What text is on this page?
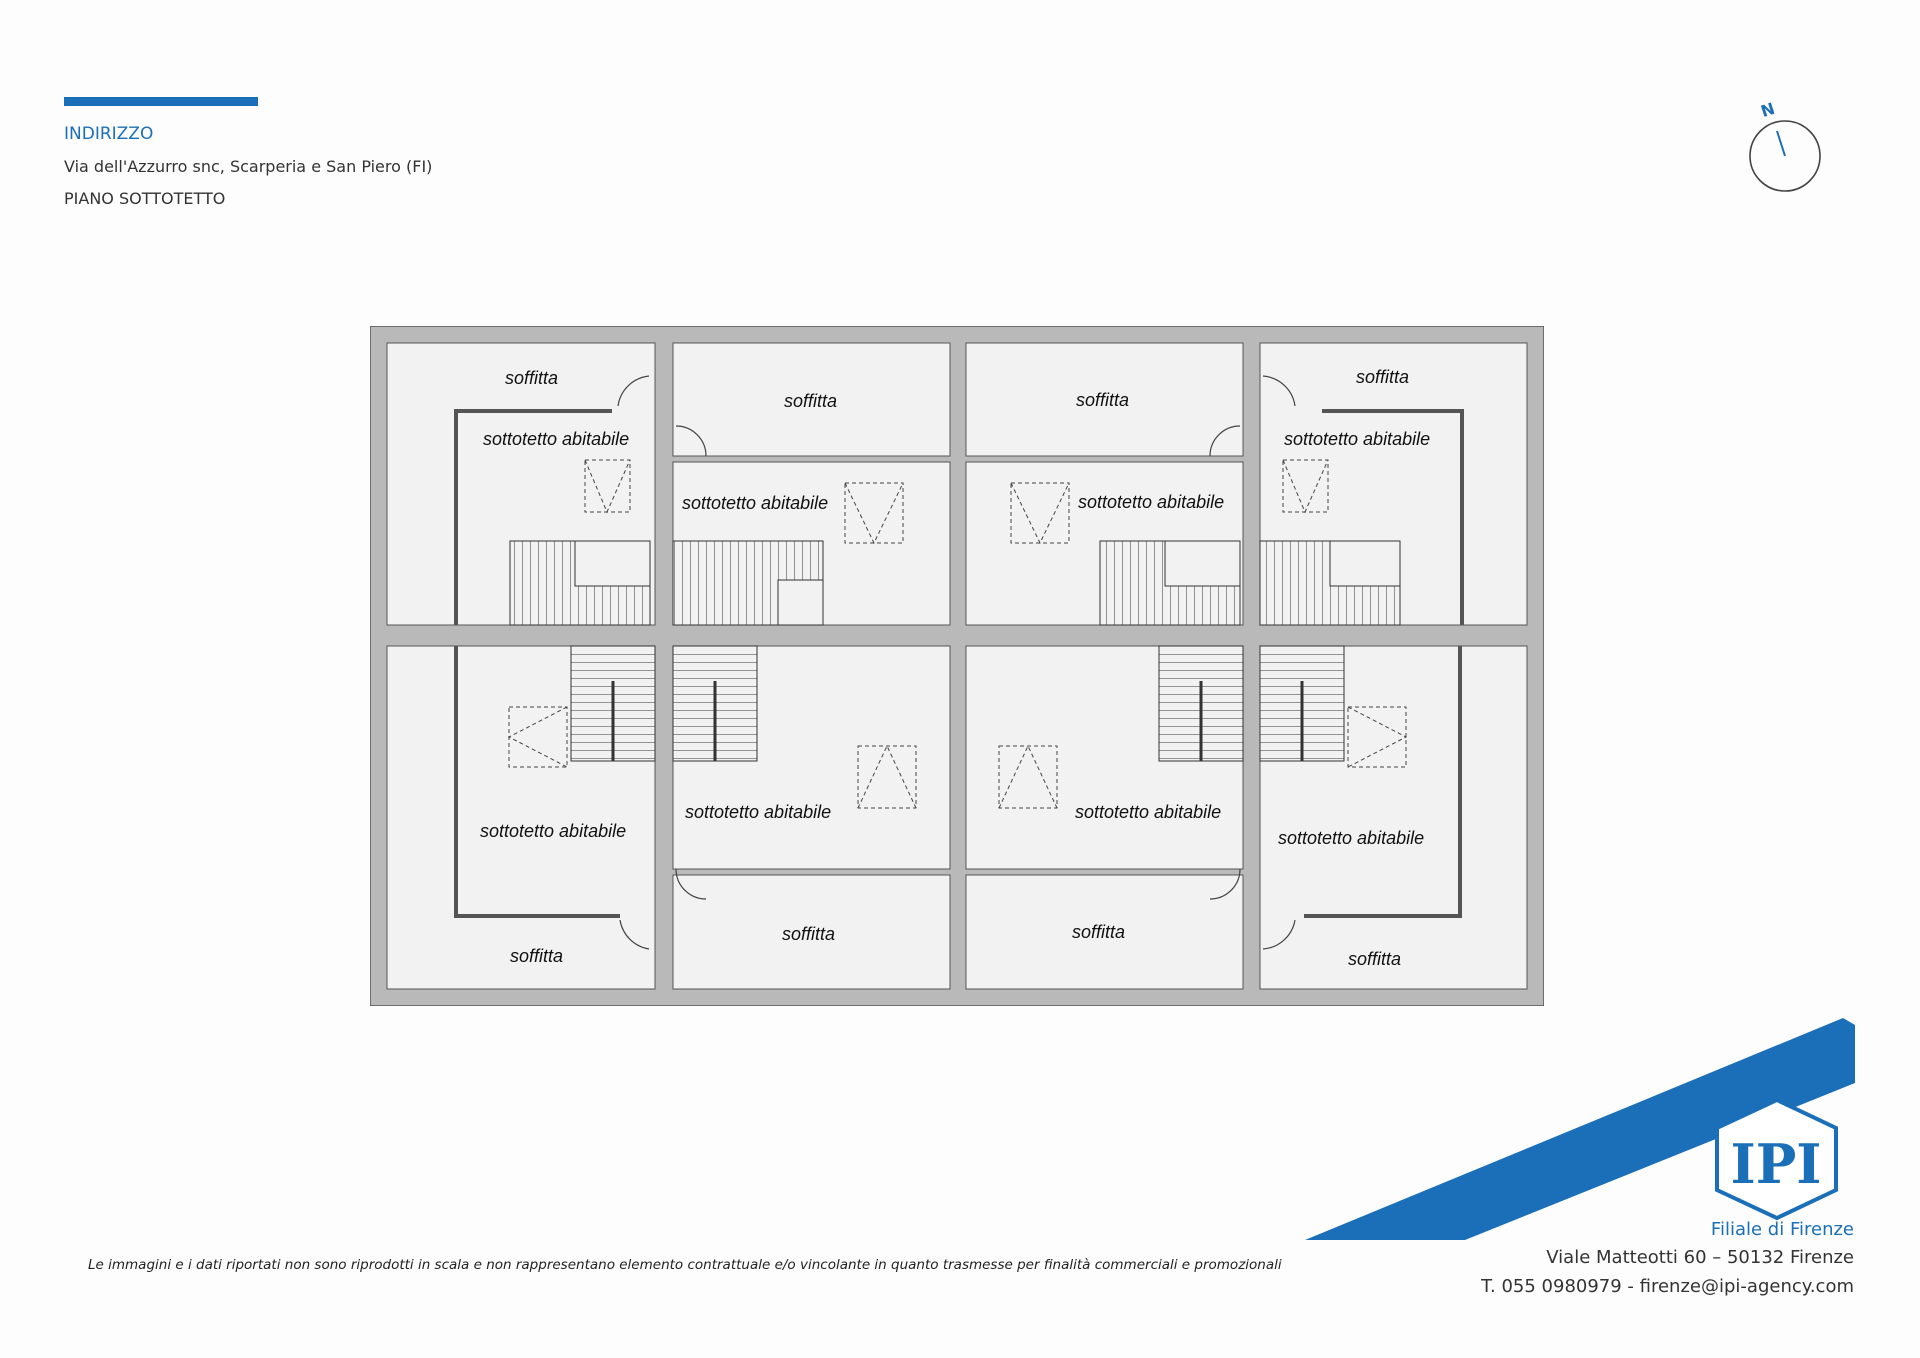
INDIRIZZO
Via dell'Azzurro snc, Scarperia e San Piero (FI)
PIANO SOTTOTETTO
N
soffitta
sottotetto abitabile
soffitta
sottotetto abitabile
soffitta
sottotetto abitabile
soffitta
sottotetto abitabile
sottotetto abitabile
soffitta
sottotetto abitabile
soffitta
sottotetto abitabile
soffitta
sottotetto abitabile
soffitta
Le immagini e i dati riportati non sono riprodotti in scala e non rappresentano elemento contrattuale e/o vincolante in quanto trasmesse per finalità commerciali e promozionali
IPI
Filiale di Firenze
Viale Matteotti 60 – 50132 Firenze
T. 055 0980979 - firenze@ipi-agency.com
